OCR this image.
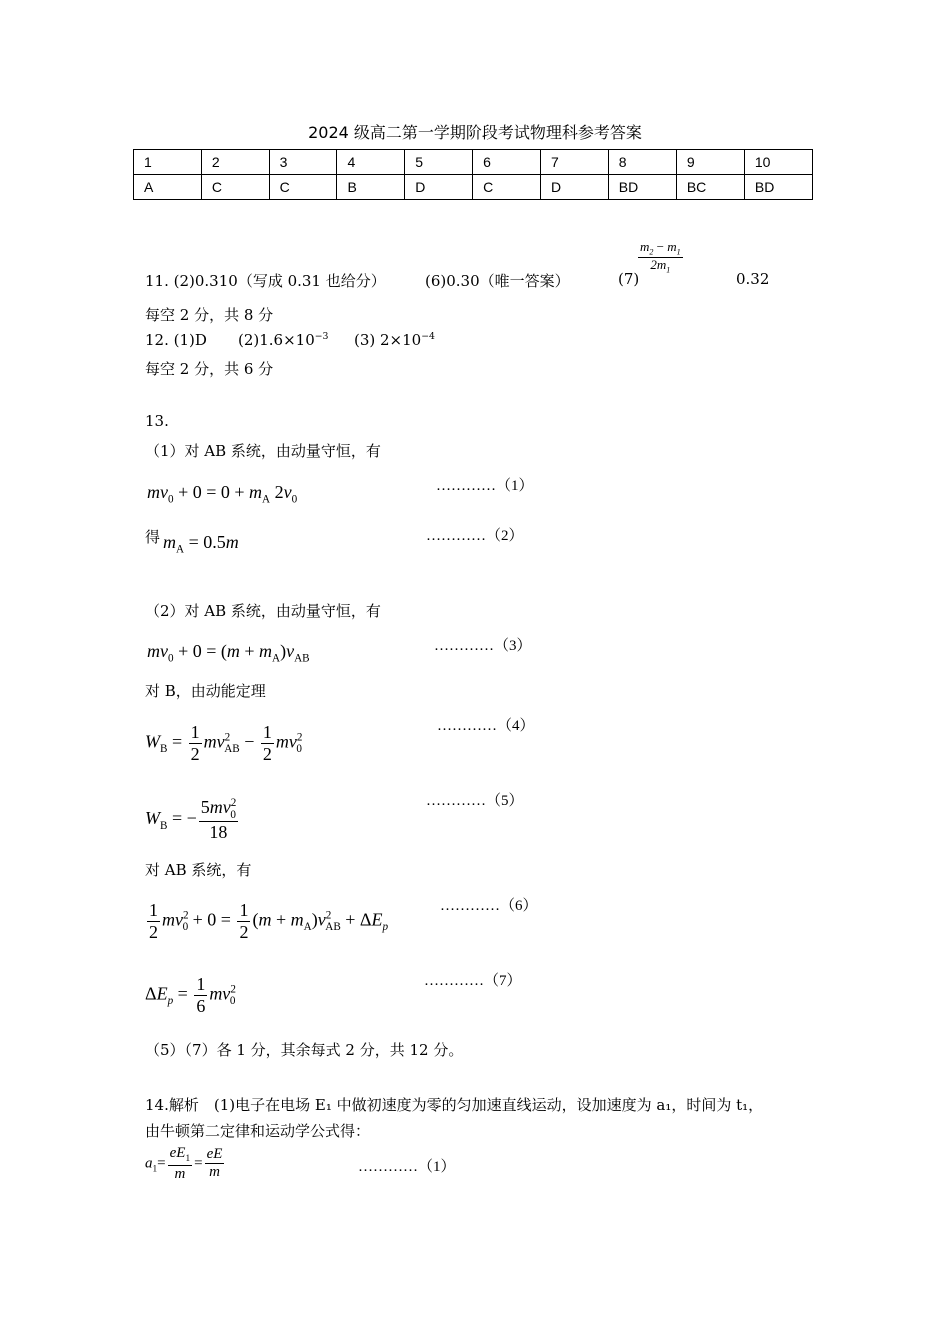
2024 级高二第一学期阶段考试物理科参考答案
1	2	3	4	5	6	7	8	9	10
A	C	C	B	D	C	D	BD	BC	BD
11. (2)0.310（写成 0.31 也给分）	(6)0.30（唯一答案）	(7)
$\frac{m_2 - m_1}{2m_1}$
0.32
每空 2 分，共 8 分
12. (1)D $(2)1.6\times 10^{-3}$ (3) $2\times 10^{-4}$
每空 2 分，共 6 分
13.
（1）对 AB 系统，由动量守恒，有
$mv_0 + 0 = 0 + m_A$ $2v_0$
…………（1）
得 $m_A = 0.5m$	…………（2）
（2）对 AB 系统，由动量守恒，有
$mv_0 + 0 = (m + m_A)v_{AB}$
…………（3）
对 B，由动能定理
$W_B = \frac{1}{2} mv^2_{AB} - \frac{1}{2} mv^2_0$
…………（4）
$W_B$ = − $\frac{5mv^2_0}{18}$	…………（5）
对 AB 系统，有
$\frac{1}{2} mv^2_0 + 0 = \frac{1}{2} (m + m_A)v^2_{AB} + \Delta E_p$
…………（6）
$\Delta E_p = \frac{1}{6} mv^2_0$
…………（7）
（5）（7）各 1 分，其余每式 2 分，共 12 分。
14.解析　(1)电子在电场 E₁ 中做初速度为零的匀加速直线运动，设加速度为 a₁，时间为 t₁，
由牛顿第二定律和运动学公式得：
$a_1= \frac{eE_1}{m} = \frac{eE}{m}$	…………（1）
